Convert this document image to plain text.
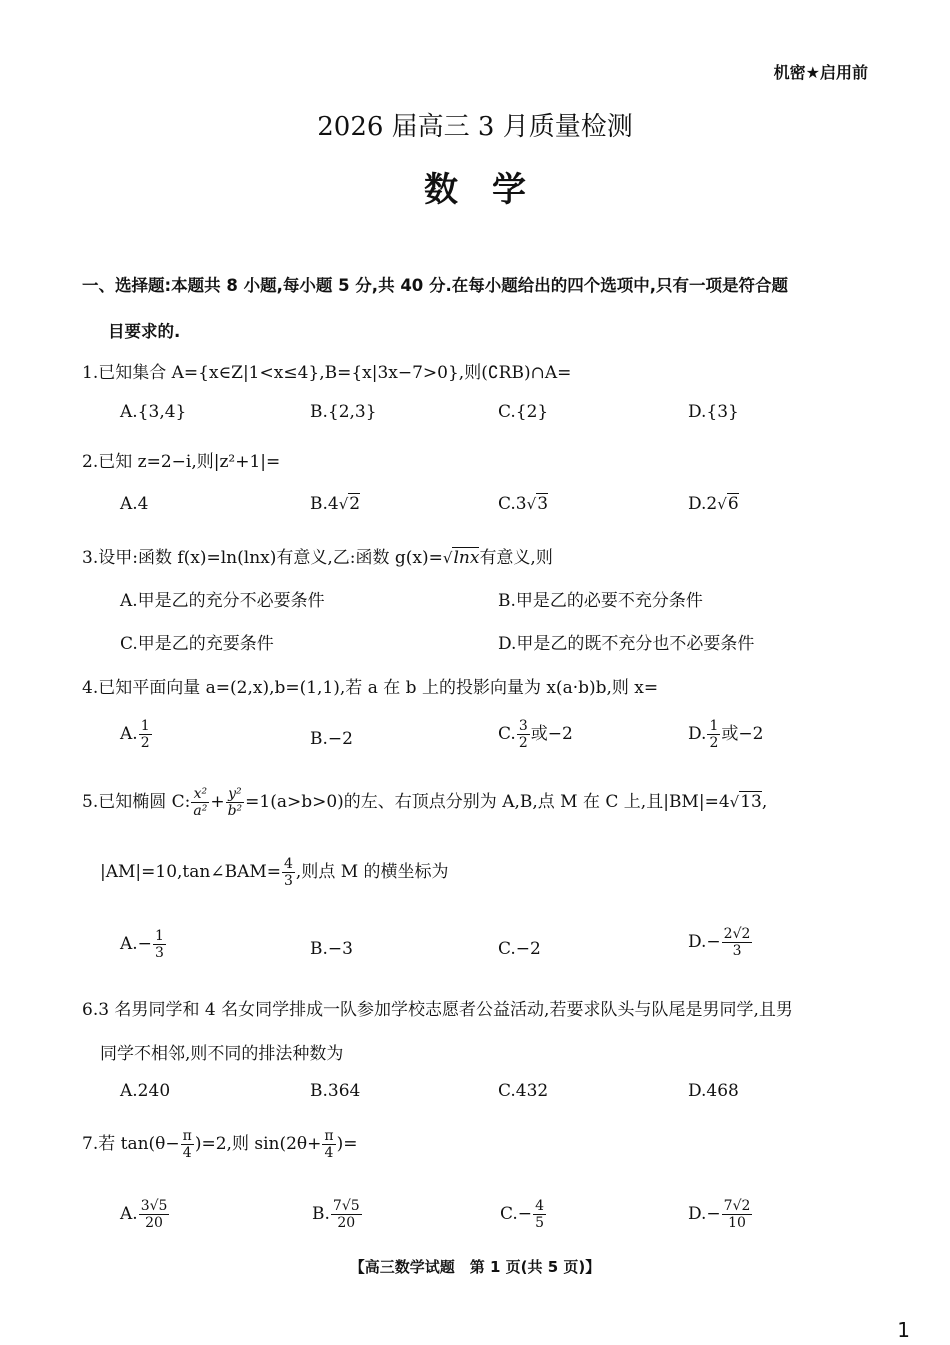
机密★启用前
2026 届高三 3 月质量检测
数学
一、选择题:本题共 8 小题,每小题 5 分,共 40 分.在每小题给出的四个选项中,只有一项是符合题
目要求的.
1.已知集合 A={x∈Z|1<x≤4},B={x|3x−7>0},则(∁RB)∩A=
A.{3,4}	B.{2,3}	C.{2}	D.{3}
2.已知 z=2−i,则|z²+1|=
A.4	B.4√2	C.3√3	D.2√6
3.设甲:函数 f(x)=ln(lnx)有意义,乙:函数 g(x)=√lnx有意义,则
A.甲是乙的充分不必要条件	B.甲是乙的必要不充分条件
C.甲是乙的充要条件	D.甲是乙的既不充分也不必要条件
4.已知平面向量 a=(2,x),b=(1,1),若 a 在 b 上的投影向量为 x(a·b)b,则 x=
A. $\frac{1}{2}$	B.−2	C. $\frac{3}{2}$ 或−2	D. $\frac{1}{2}$ 或−2
5.已知椭圆 C: $\frac{\text{x²}}{\text{a²}} + \frac{\text{y²}}{\text{b²}} =1(a>b>0)$的左、右顶点分别为 A,B,点 M 在 C 上,且|BM|=4√13,
|AM|=10,tan∠BAM= $\frac{4}{3}$ ,则点 M 的横坐标为
$A.- \frac{1}{3}$	B.−3	C.−2	$D.- \frac{2√2}{3}$
6.3 名男同学和 4 名女同学排成一队参加学校志愿者公益活动,若要求队头与队尾是男同学,且男
同学不相邻,则不同的排法种数为
A.240	B.364	C.432	D.468
7.若 $\tan(\theta- \frac{\pi}{4} )=2$,则 $\sin(2\theta+ \frac{\pi}{4}$ )=
A. $\frac{3√5}{20}$	B. $\frac{7√5}{20}$	$C.- \frac{4}{5}$	$D.- \frac{7√2}{10}$
【高三数学试题　第 1 页(共 5 页)】
1
